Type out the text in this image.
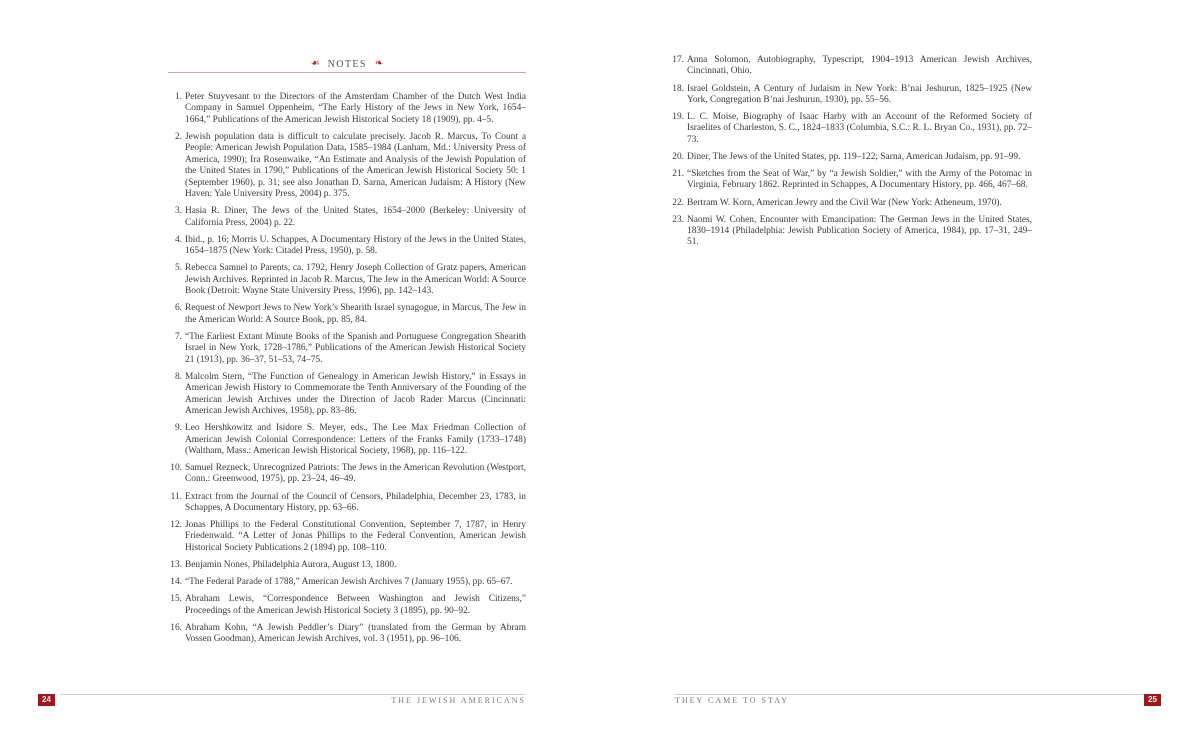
☙ NOTES ❧
1. Peter Stuyvesant to the Directors of the Amsterdam Chamber of the Dutch West India Company in Samuel Oppenheim, “The Early History of the Jews in New York, 1654–1664,” Publications of the American Jewish Historical Society 18 (1909), pp. 4–5.
2. Jewish population data is difficult to calculate precisely. Jacob R. Marcus, To Count a People: American Jewish Population Data, 1585–1984 (Lanham, Md.: University Press of America, 1990); Ira Rosenwaike, “An Estimate and Analysis of the Jewish Population of the United States in 1790,” Publications of the American Jewish Historical Society 50: 1 (September 1960), p. 31; see also Jonathan D. Sarna, American Judaism: A History (New Haven: Yale University Press, 2004) p. 375.
3. Hasia R. Diner, The Jews of the United States, 1654–2000 (Berkeley: University of California Press, 2004) p. 22.
4. Ibid., p. 16; Morris U. Schappes, A Documentary History of the Jews in the United States, 1654–1875 (New York: Citadel Press, 1950), p. 58.
5. Rebecca Samuel to Parents, ca. 1792, Henry Joseph Collection of Gratz papers, American Jewish Archives. Reprinted in Jacob R. Marcus, The Jew in the American World: A Source Book (Detroit: Wayne State University Press, 1996), pp. 142–143.
6. Request of Newport Jews to New York’s Shearith Israel synagogue, in Marcus, The Jew in the American World: A Source Book, pp. 85, 84.
7. “The Earliest Extant Minute Books of the Spanish and Portuguese Congregation Shearith Israel in New York, 1728–1786,” Publications of the American Jewish Historical Society 21 (1913), pp. 36–37, 51–53, 74–75.
8. Malcolm Stern, “The Function of Genealogy in American Jewish History,” in Essays in American Jewish History to Commemorate the Tenth Anniversary of the Founding of the American Jewish Archives under the Direction of Jacob Rader Marcus (Cincinnati: American Jewish Archives, 1958), pp. 83–86.
9. Leo Hershkowitz and Isidore S. Meyer, eds., The Lee Max Friedman Collection of American Jewish Colonial Correspondence: Letters of the Franks Family (1733–1748) (Waltham, Mass.: American Jewish Historical Society, 1968), pp. 116–122.
10. Samuel Rezneck, Unrecognized Patriots: The Jews in the American Revolution (Westport, Conn.: Greenwood, 1975), pp. 23–24, 46–49.
11. Extract from the Journal of the Council of Censors, Philadelphia, December 23, 1783, in Schappes, A Documentary History, pp. 63–66.
12. Jonas Phillips to the Federal Constitutional Convention, September 7, 1787, in Henry Friedenwald. “A Letter of Jonas Phillips to the Federal Convention, American Jewish Historical Society Publications 2 (1894) pp. 108–110.
13. Benjamin Nones, Philadelphia Aurora, August 13, 1800.
14. “The Federal Parade of 1788,” American Jewish Archives 7 (January 1955), pp. 65–67.
15. Abraham Lewis, “Correspondence Between Washington and Jewish Citizens,” Proceedings of the American Jewish Historical Society 3 (1895), pp. 90–92.
16. Abraham Kohn, “A Jewish Peddler’s Diary” (translated from the German by Abram Vossen Goodman), American Jewish Archives, vol. 3 (1951), pp. 96–106.
24	THE JEWISH AMERICANS
17. Anna Solomon, Autobiography, Typescript, 1904–1913 American Jewish Archives, Cincinnati, Ohio.
18. Israel Goldstein, A Century of Judaism in New York: B’nai Jeshurun, 1825–1925 (New York, Congregation B’nai Jeshurun, 1930), pp. 55–56.
19. L. C. Moise, Biography of Isaac Harby with an Account of the Reformed Society of Israelites of Charleston, S. C., 1824–1833 (Columbia, S.C.: R. L. Bryan Co., 1931), pp. 72–73.
20. Diner, The Jews of the United States, pp. 119–122; Sarna, American Judaism, pp. 91–99.
21. “Sketches from the Seat of War,” by “a Jewish Soldier,” with the Army of the Potomac in Virginia, February 1862. Reprinted in Schappes, A Documentary History, pp. 466, 467–68.
22. Bertram W. Korn, American Jewry and the Civil War (New York: Atheneum, 1970).
23. Naomi W. Cohen, Encounter with Emancipation: The German Jews in the United States, 1830–1914 (Philadelphia: Jewish Publication Society of America, 1984), pp. 17–31, 249–51.
THEY CAME TO STAY	25
